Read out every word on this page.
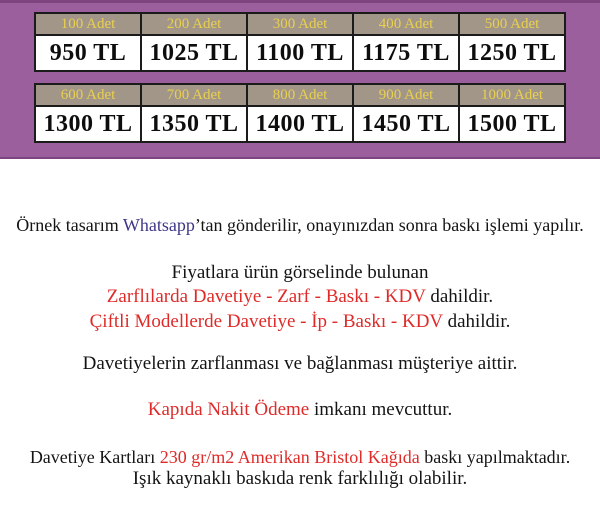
100 Adet	200 Adet	300 Adet	400 Adet	500 Adet
950 TL	1025 TL	1100 TL	1175 TL	1250 TL
600 Adet	700 Adet	800 Adet	900 Adet	1000 Adet
1300 TL	1350 TL	1400 TL	1450 TL	1500 TL

Örnek tasarım Whatsapp’tan gönderilir, onayınızdan sonra baskı işlemi yapılır.

Fiyatlara ürün görselinde bulunan

Zarflılarda Davetiye - Zarf - Baskı - KDV dahildir.

Çiftli Modellerde Davetiye - İp - Baskı - KDV dahildir.

Davetiyelerin zarflanması ve bağlanması müşteriye aittir.

Kapıda Nakit Ödeme imkanı mevcuttur.

Davetiye Kartları 230 gr/m2 Amerikan Bristol Kağıda baskı yapılmaktadır.

Işık kaynaklı baskıda renk farklılığı olabilir.
